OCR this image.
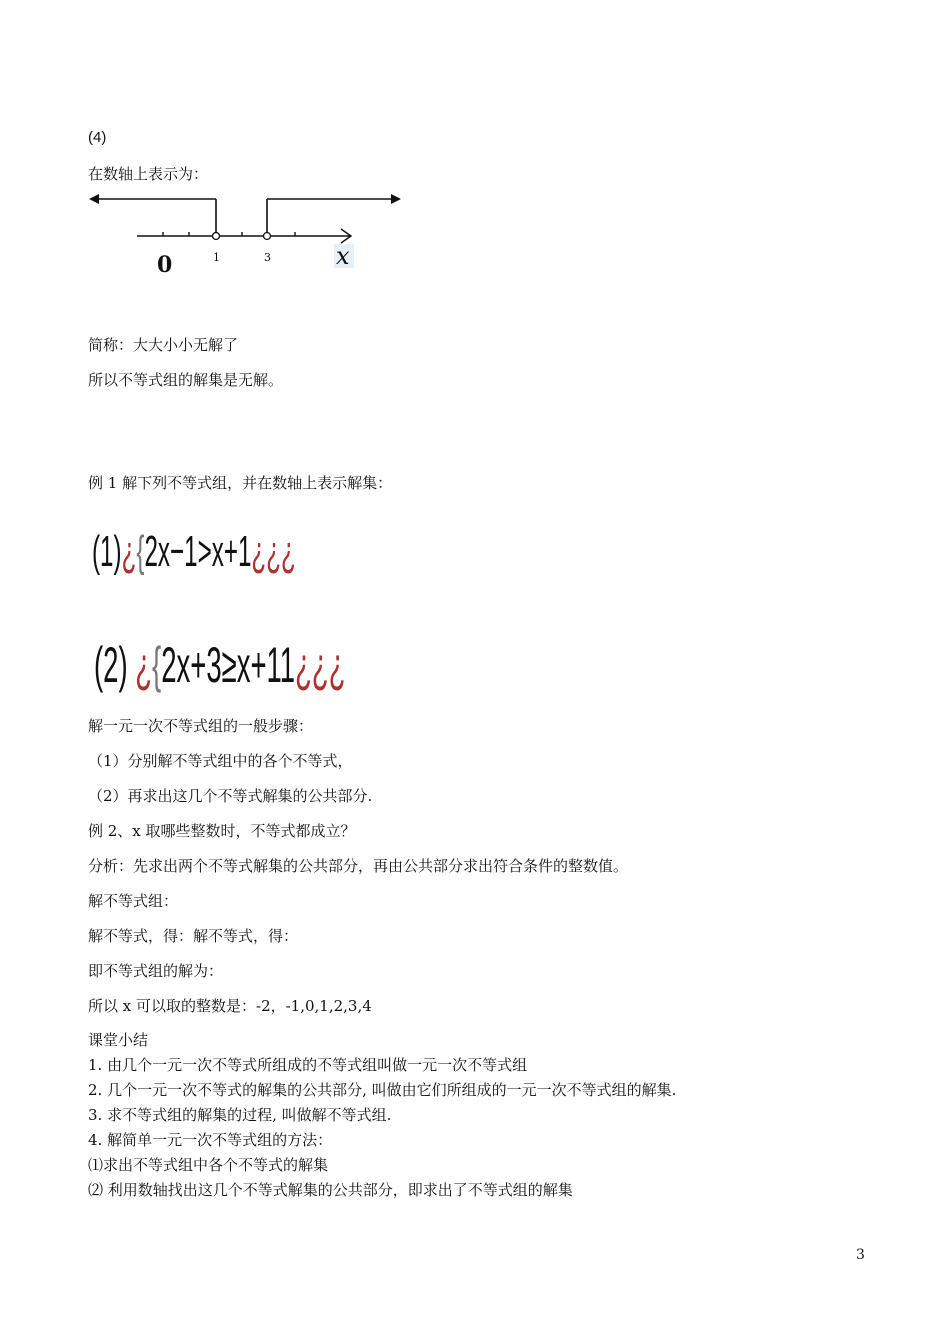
(4)
在数轴上表示为：
0	1	3	x
简称：大大小小无解了
所以不等式组的解集是无解。
例 1 解下列不等式组，并在数轴上表示解集：
(1)¿{2x−1>x+1¿¿¿
(2) ¿{2x+3≥x+11¿¿¿
解一元一次不等式组的一般步骤：
（1）分别解不等式组中的各个不等式，
（2）再求出这几个不等式解集的公共部分.
例 2、x 取哪些整数时，不等式都成立？
分析：先求出两个不等式解集的公共部分，再由公共部分求出符合条件的整数值。
解不等式组：
解不等式，得：解不等式，得：
即不等式组的解为：
所以 x 可以取的整数是：-2，-1,0,1,2,3,4
课堂小结
1. 由几个一元一次不等式所组成的不等式组叫做一元一次不等式组
2. 几个一元一次不等式的解集的公共部分, 叫做由它们所组成的一元一次不等式组的解集.
3. 求不等式组的解集的过程, 叫做解不等式组.
4. 解简单一元一次不等式组的方法：
⑴求出不等式组中各个不等式的解集
⑵ 利用数轴找出这几个不等式解集的公共部分，即求出了不等式组的解集
3
